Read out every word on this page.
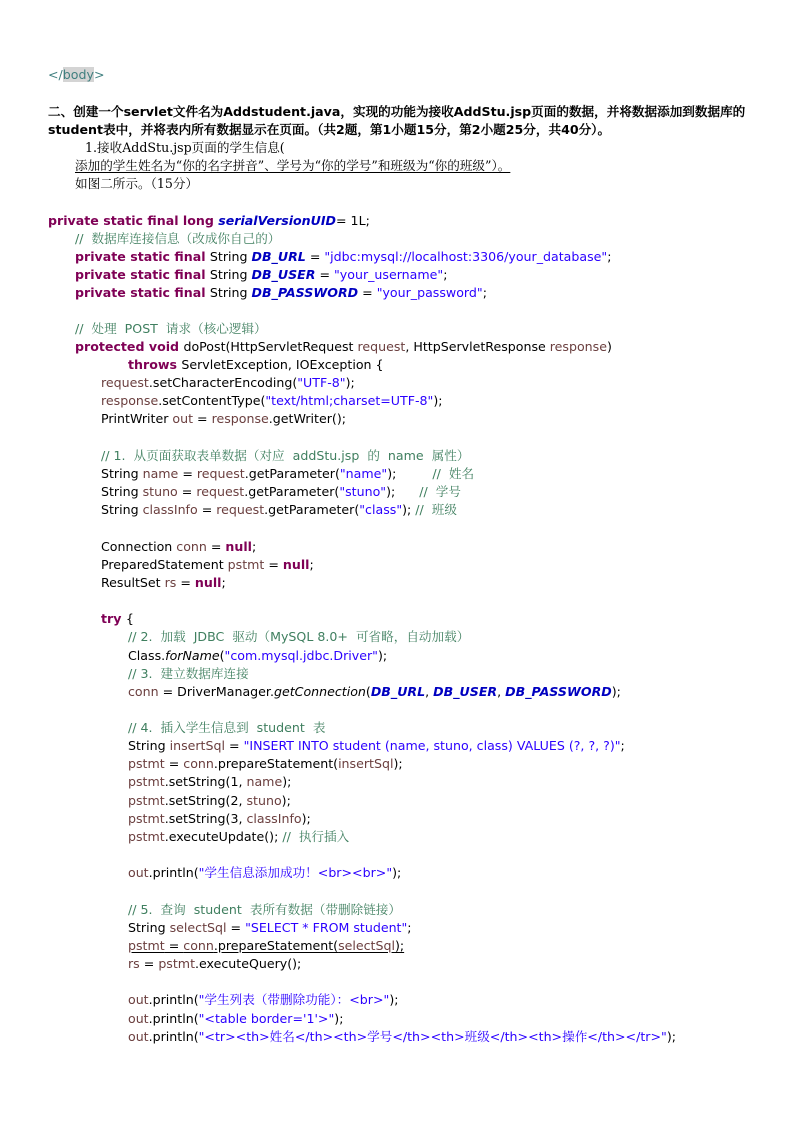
</body>
二、创建一个servlet文件名为Addstudent.java，实现的功能为接收AddStu.jsp页面的数据，并将数据添加到数据库的student表中，并将表内所有数据显示在页面。（共2题，第1小题15分，第2小题25分，共40分）。
1.接收AddStu.jsp页面的学生信息(
添加的学生姓名为“你的名字拼音”、学号为“你的学号”和班级为“你的班级”）。
如图二所示。（15分）
private static final long serialVersionUID= 1L;
//  数据库连接信息（改成你自己的）
private static final String DB_URL = "jdbc:mysql://localhost:3306/your_database";
private static final String DB_USER = "your_username";
private static final String DB_PASSWORD = "your_password";
//  处理  POST  请求（核心逻辑）
protected void doPost(HttpServletRequest request, HttpServletResponse response)
throws ServletException, IOException {
request.setCharacterEncoding("UTF-8");
response.setContentType("text/html;charset=UTF-8");
PrintWriter out = response.getWriter();
// 1.  从页面获取表单数据（对应  addStu.jsp  的  name  属性）
String name = request.getParameter("name");         //  姓名
String stuno = request.getParameter("stuno");      //  学号
String classInfo = request.getParameter("class"); //  班级
Connection conn = null;
PreparedStatement pstmt = null;
ResultSet rs = null;
try {
// 2.  加载  JDBC  驱动（MySQL 8.0+  可省略，自动加载）
Class.forName("com.mysql.jdbc.Driver");
// 3.  建立数据库连接
conn = DriverManager.getConnection(DB_URL, DB_USER, DB_PASSWORD);
// 4.  插入学生信息到  student  表
String insertSql = "INSERT INTO student (name, stuno, class) VALUES (?, ?, ?)";
pstmt = conn.prepareStatement(insertSql);
pstmt.setString(1, name);
pstmt.setString(2, stuno);
pstmt.setString(3, classInfo);
pstmt.executeUpdate(); //  执行插入
out.println("学生信息添加成功！<br><br>");
// 5.  查询  student  表所有数据（带删除链接）
String selectSql = "SELECT * FROM student";
pstmt = conn.prepareStatement(selectSql);
rs = pstmt.executeQuery();
out.println("学生列表（带删除功能）：<br>");
out.println("<table border='1'>");
out.println("<tr><th>姓名</th><th>学号</th><th>班级</th><th>操作</th></tr>");
